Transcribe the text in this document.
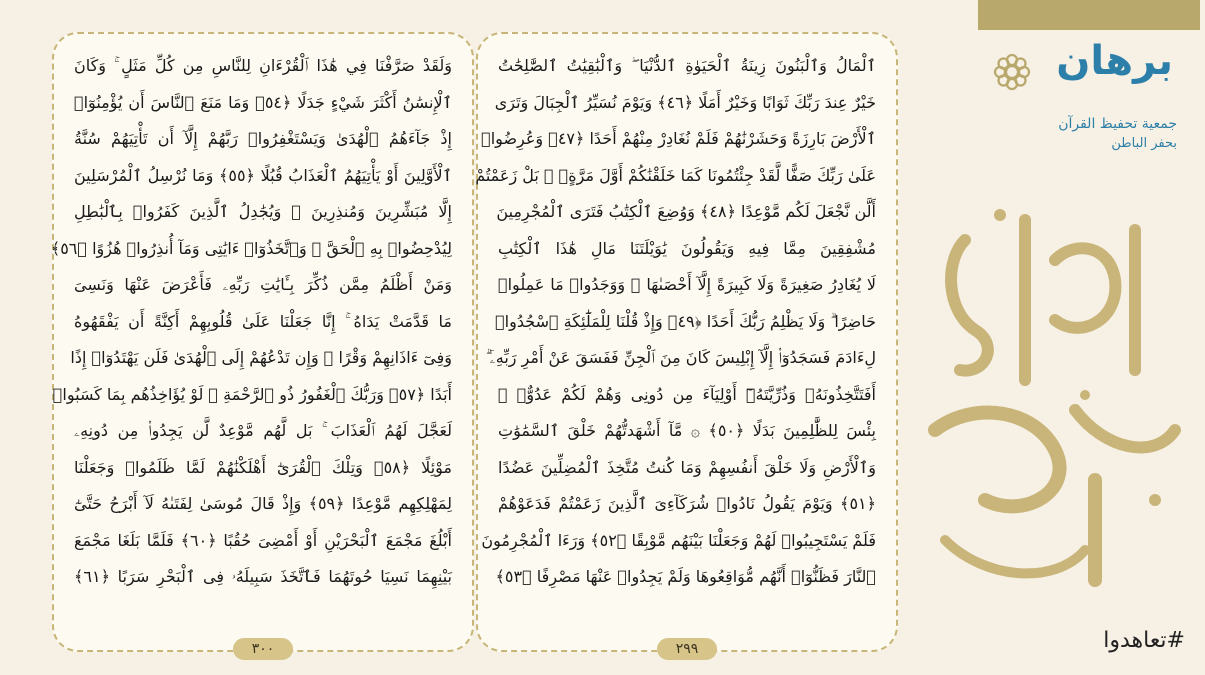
وَلَقَدْ صَرَّفْنَا فِي هَٰذَا ٱلْقُرْءَانِ لِلنَّاسِ مِن كُلِّ مَثَلٍ ۚ وَكَانَ
ٱلْإِنسَٰنُ أَكْثَرَ شَيْءٍ جَدَلًا ﴿٥٤﴾ وَمَا مَنَعَ ٱلنَّاسَ أَن يُؤْمِنُوٓا۟
إِذْ جَآءَهُمُ ٱلْهُدَىٰ وَيَسْتَغْفِرُوا۟ رَبَّهُمْ إِلَّآ أَن تَأْتِيَهُمْ سُنَّةُ
ٱلْأَوَّلِينَ أَوْ يَأْتِيَهُمُ ٱلْعَذَابُ قُبُلًا ﴿٥٥﴾ وَمَا نُرْسِلُ ٱلْمُرْسَلِينَ
إِلَّا مُبَشِّرِينَ وَمُنذِرِينَ ۚ وَيُجَٰدِلُ ٱلَّذِينَ كَفَرُوا۟ بِٱلْبَٰطِلِ
لِيُدْحِضُوا۟ بِهِ ٱلْحَقَّ ۖ وَٱتَّخَذُوٓا۟ ءَايَٰتِى وَمَآ أُنذِرُوا۟ هُزُوًا ﴿٥٦﴾
وَمَنْ أَظْلَمُ مِمَّن ذُكِّرَ بِـَٔايَٰتِ رَبِّهِۦ فَأَعْرَضَ عَنْهَا وَنَسِىَ
مَا قَدَّمَتْ يَدَاهُ ۚ إِنَّا جَعَلْنَا عَلَىٰ قُلُوبِهِمْ أَكِنَّةً أَن يَفْقَهُوهُ
وَفِىٓ ءَاذَانِهِمْ وَقْرًا ۖ وَإِن تَدْعُهُمْ إِلَى ٱلْهُدَىٰ فَلَن يَهْتَدُوٓا۟ إِذًا
أَبَدًا ﴿٥٧﴾ وَرَبُّكَ ٱلْغَفُورُ ذُو ٱلرَّحْمَةِ ۖ لَوْ يُؤَاخِذُهُم بِمَا كَسَبُوا۟
لَعَجَّلَ لَهُمُ ٱلْعَذَابَ ۚ بَل لَّهُم مَّوْعِدٌ لَّن يَجِدُوا۟ مِن دُونِهِۦ
مَوْئِلًا ﴿٥٨﴾ وَتِلْكَ ٱلْقُرَىٰٓ أَهْلَكْنَٰهُمْ لَمَّا ظَلَمُوا۟ وَجَعَلْنَا
لِمَهْلِكِهِم مَّوْعِدًا ﴿٥٩﴾ وَإِذْ قَالَ مُوسَىٰ لِفَتَىٰهُ لَآ أَبْرَحُ حَتَّىٰٓ
أَبْلُغَ مَجْمَعَ ٱلْبَحْرَيْنِ أَوْ أَمْضِىَ حُقُبًا ﴿٦٠﴾ فَلَمَّا بَلَغَا مَجْمَعَ
بَيْنِهِمَا نَسِيَا حُوتَهُمَا فَٱتَّخَذَ سَبِيلَهُۥ فِى ٱلْبَحْرِ سَرَبًا ﴿٦١﴾
٣٠٠
ٱلْمَالُ وَٱلْبَنُونَ زِينَةُ ٱلْحَيَوٰةِ ٱلدُّنْيَا ۖ وَٱلْبَٰقِيَٰتُ ٱلصَّٰلِحَٰتُ
خَيْرٌ عِندَ رَبِّكَ ثَوَابًا وَخَيْرٌ أَمَلًا ﴿٤٦﴾ وَيَوْمَ نُسَيِّرُ ٱلْجِبَالَ وَتَرَى
ٱلْأَرْضَ بَارِزَةً وَحَشَرْنَٰهُمْ فَلَمْ نُغَادِرْ مِنْهُمْ أَحَدًا ﴿٤٧﴾ وَعُرِضُوا۟
عَلَىٰ رَبِّكَ صَفًّا لَّقَدْ جِئْتُمُونَا كَمَا خَلَقْنَٰكُمْ أَوَّلَ مَرَّةٍۭ ۚ بَلْ زَعَمْتُمْ
أَلَّن نَّجْعَلَ لَكُم مَّوْعِدًا ﴿٤٨﴾ وَوُضِعَ ٱلْكِتَٰبُ فَتَرَى ٱلْمُجْرِمِينَ
مُشْفِقِينَ مِمَّا فِيهِ وَيَقُولُونَ يَٰوَيْلَتَنَا مَالِ هَٰذَا ٱلْكِتَٰبِ
لَا يُغَادِرُ صَغِيرَةً وَلَا كَبِيرَةً إِلَّآ أَحْصَىٰهَا ۚ وَوَجَدُوا۟ مَا عَمِلُوا۟
حَاضِرًا ۗ وَلَا يَظْلِمُ رَبُّكَ أَحَدًا ﴿٤٩﴾ وَإِذْ قُلْنَا لِلْمَلَٰٓئِكَةِ ٱسْجُدُوا۟
لِءَادَمَ فَسَجَدُوٓا۟ إِلَّآ إِبْلِيسَ كَانَ مِنَ ٱلْجِنِّ فَفَسَقَ عَنْ أَمْرِ رَبِّهِۦٓ ۗ
أَفَتَتَّخِذُونَهُۥ وَذُرِّيَّتَهُۥٓ أَوْلِيَآءَ مِن دُونِى وَهُمْ لَكُمْ عَدُوٌّۢ ۚ
بِئْسَ لِلظَّٰلِمِينَ بَدَلًا ﴿٥٠﴾ ۞ مَّآ أَشْهَدتُّهُمْ خَلْقَ ٱلسَّمَٰوَٰتِ
وَٱلْأَرْضِ وَلَا خَلْقَ أَنفُسِهِمْ وَمَا كُنتُ مُتَّخِذَ ٱلْمُضِلِّينَ عَضُدًا
﴿٥١﴾ وَيَوْمَ يَقُولُ نَادُوا۟ شُرَكَآءِىَ ٱلَّذِينَ زَعَمْتُمْ فَدَعَوْهُمْ
فَلَمْ يَسْتَجِيبُوا۟ لَهُمْ وَجَعَلْنَا بَيْنَهُم مَّوْبِقًا ﴿٥٢﴾ وَرَءَا ٱلْمُجْرِمُونَ
ٱلنَّارَ فَظَنُّوٓا۟ أَنَّهُم مُّوَاقِعُوهَا وَلَمْ يَجِدُوا۟ عَنْهَا مَصْرِفًا ﴿٥٣﴾
٢٩٩
برهان
جمعية تحفيظ القرآن
بحفر الباطن
#تعاهدوا
